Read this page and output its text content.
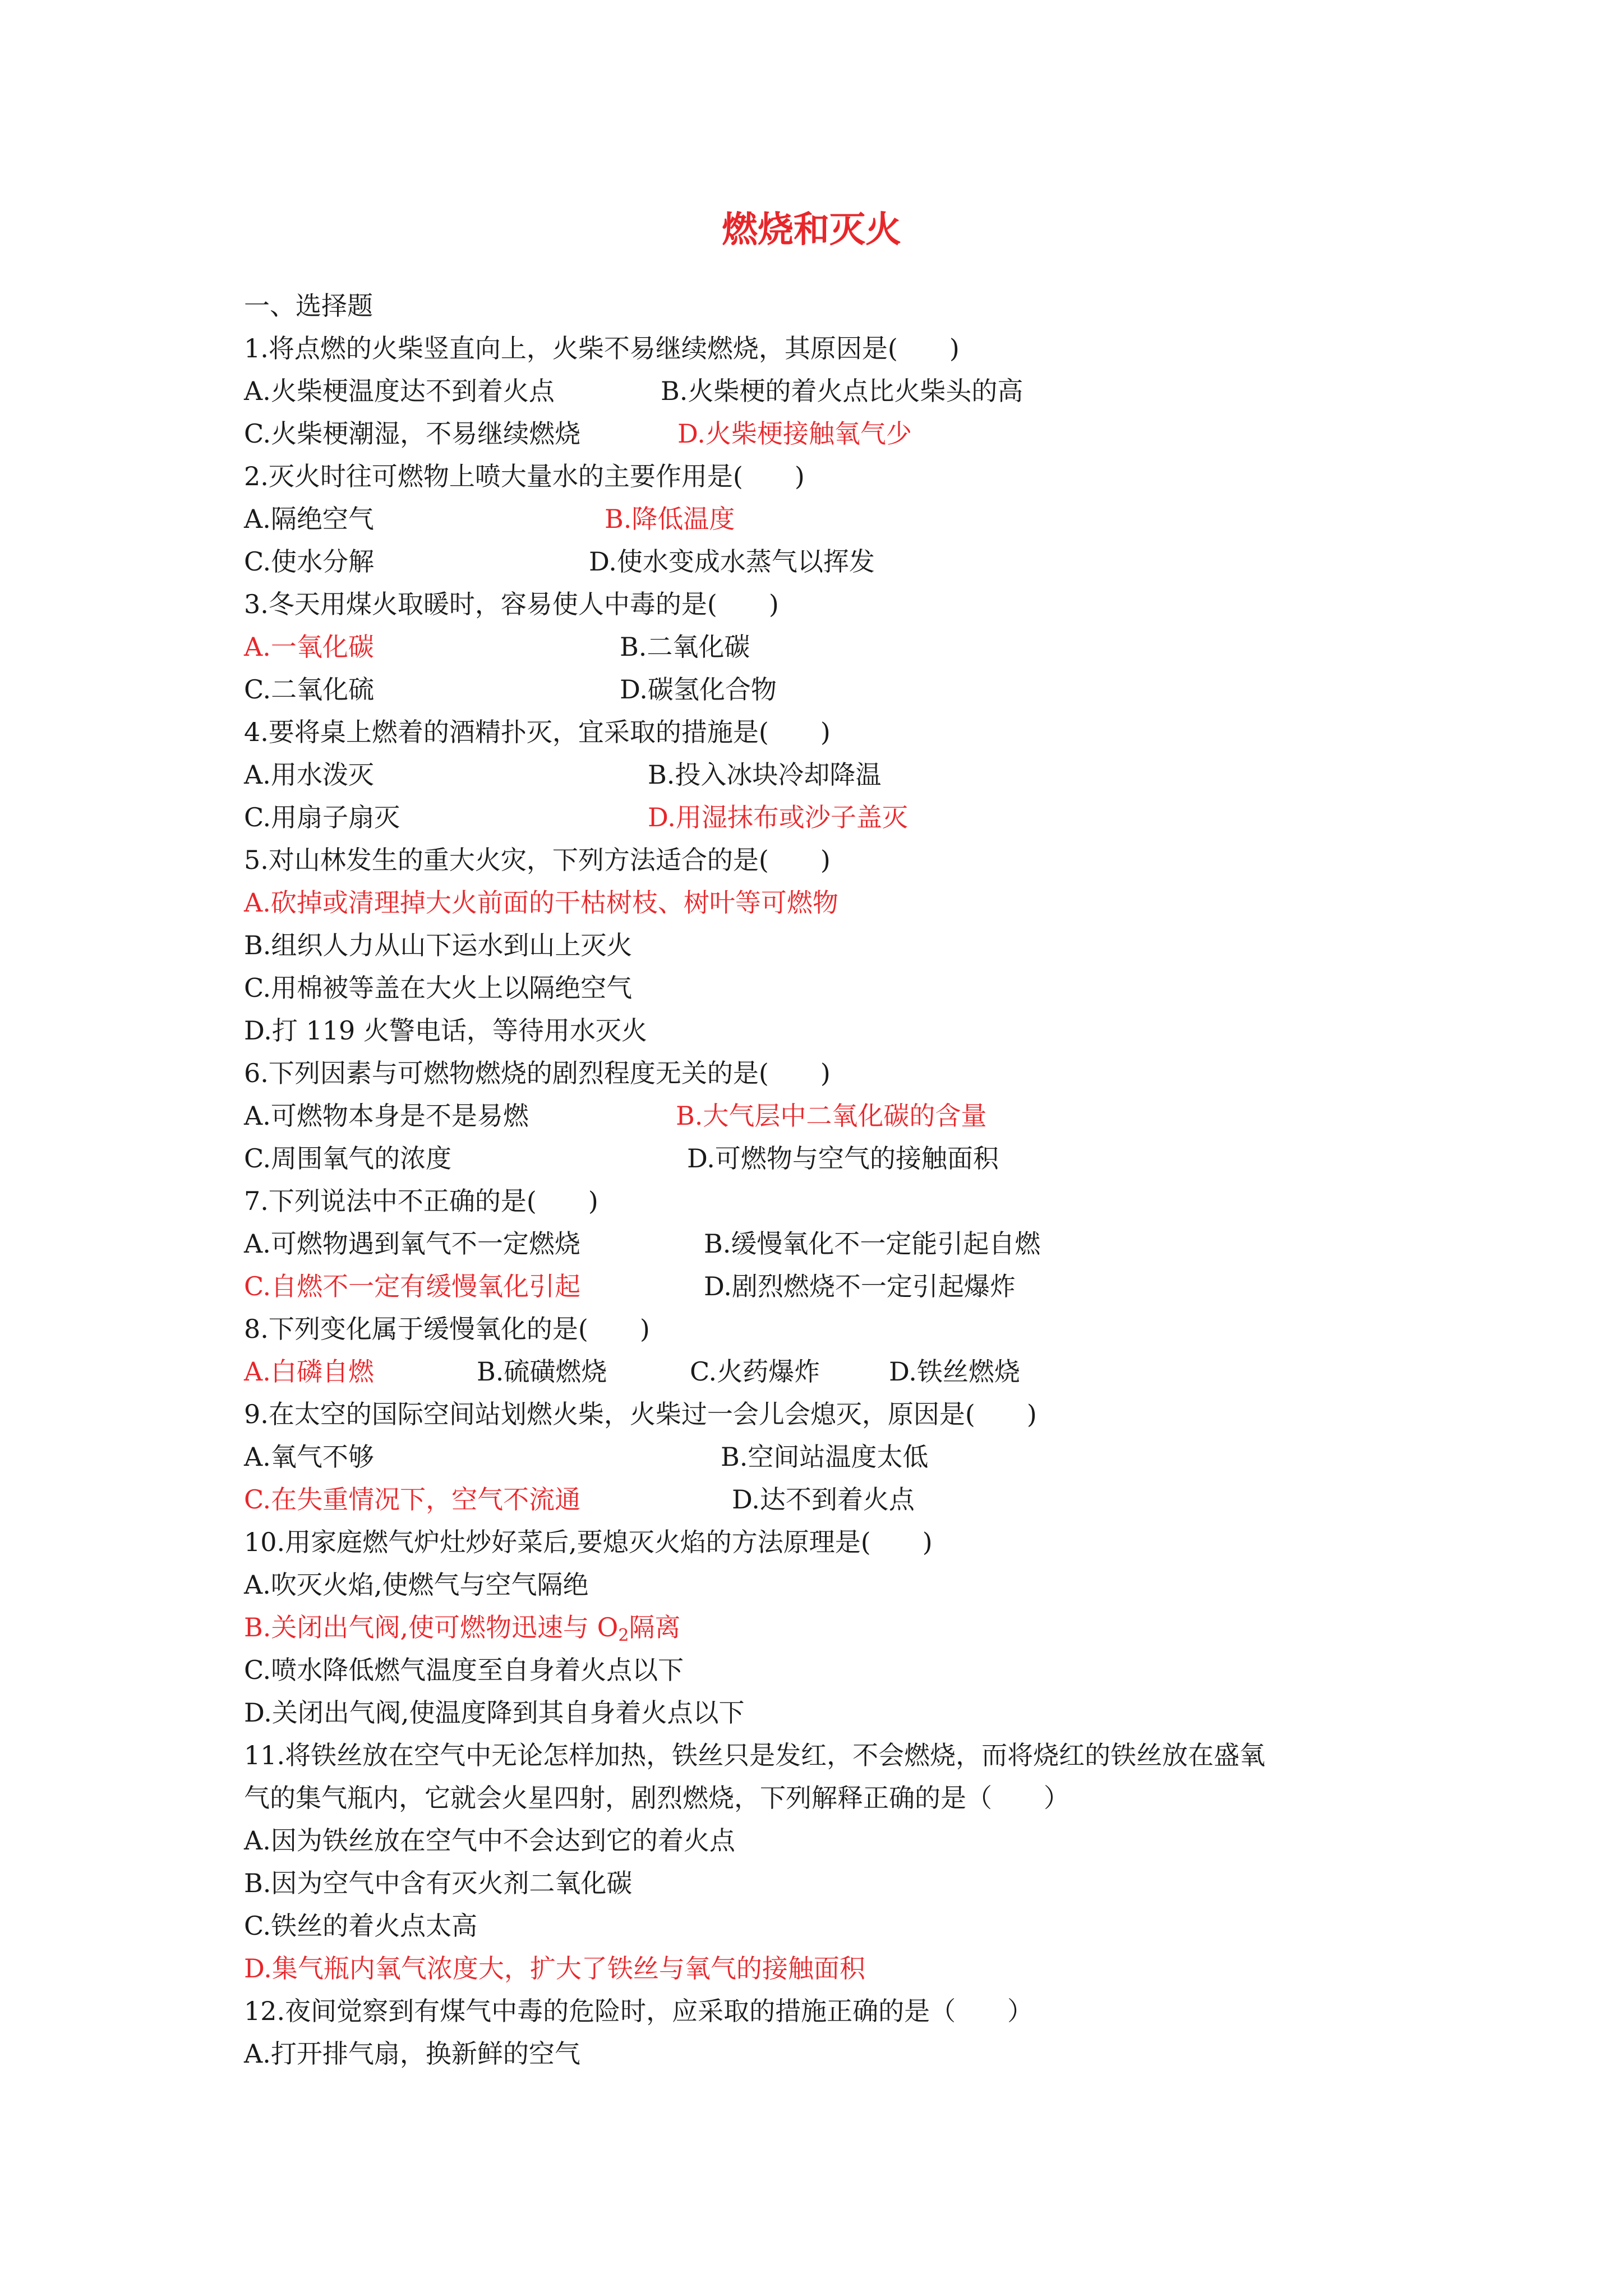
燃烧和灭火
一、选择题
1.将点燃的火柴竖直向上，火柴不易继续燃烧，其原因是(　　)
A.火柴梗温度达不到着火点	B.火柴梗的着火点比火柴头的高
C.火柴梗潮湿，不易继续燃烧	D.火柴梗接触氧气少
2.灭火时往可燃物上喷大量水的主要作用是(　　)
A.隔绝空气	B.降低温度
C.使水分解	D.使水变成水蒸气以挥发
3.冬天用煤火取暖时，容易使人中毒的是(　　)
A.一氧化碳	B.二氧化碳
C.二氧化硫	D.碳氢化合物
4.要将桌上燃着的酒精扑灭，宜采取的措施是(　　)
A.用水泼灭	B.投入冰块冷却降温
C.用扇子扇灭	D.用湿抹布或沙子盖灭
5.对山林发生的重大火灾，下列方法适合的是(　　)
A.砍掉或清理掉大火前面的干枯树枝、树叶等可燃物
B.组织人力从山下运水到山上灭火
C.用棉被等盖在大火上以隔绝空气
D.打 119 火警电话，等待用水灭火
6.下列因素与可燃物燃烧的剧烈程度无关的是(　　)
A.可燃物本身是不是易燃	B.大气层中二氧化碳的含量
C.周围氧气的浓度	D.可燃物与空气的接触面积
7.下列说法中不正确的是(　　)
A.可燃物遇到氧气不一定燃烧	B.缓慢氧化不一定能引起自燃
C.自燃不一定有缓慢氧化引起	D.剧烈燃烧不一定引起爆炸
8.下列变化属于缓慢氧化的是(　　)
A.白磷自燃	B.硫磺燃烧	C.火药爆炸	D.铁丝燃烧
9.在太空的国际空间站划燃火柴，火柴过一会儿会熄灭，原因是(　　)
A.氧气不够	B.空间站温度太低
C.在失重情况下，空气不流通	D.达不到着火点
10.用家庭燃气炉灶炒好菜后,要熄灭火焰的方法原理是(　　)
A.吹灭火焰,使燃气与空气隔绝
B.关闭出气阀,使可燃物迅速与 $O_2$隔离
C.喷水降低燃气温度至自身着火点以下
D.关闭出气阀,使温度降到其自身着火点以下
11.将铁丝放在空气中无论怎样加热，铁丝只是发红，不会燃烧，而将烧红的铁丝放在盛氧
气的集气瓶内，它就会火星四射，剧烈燃烧，下列解释正确的是（　　）
A.因为铁丝放在空气中不会达到它的着火点
B.因为空气中含有灭火剂二氧化碳
C.铁丝的着火点太高
D.集气瓶内氧气浓度大，扩大了铁丝与氧气的接触面积
12.夜间觉察到有煤气中毒的危险时，应采取的措施正确的是（　　）
A.打开排气扇，换新鲜的空气
